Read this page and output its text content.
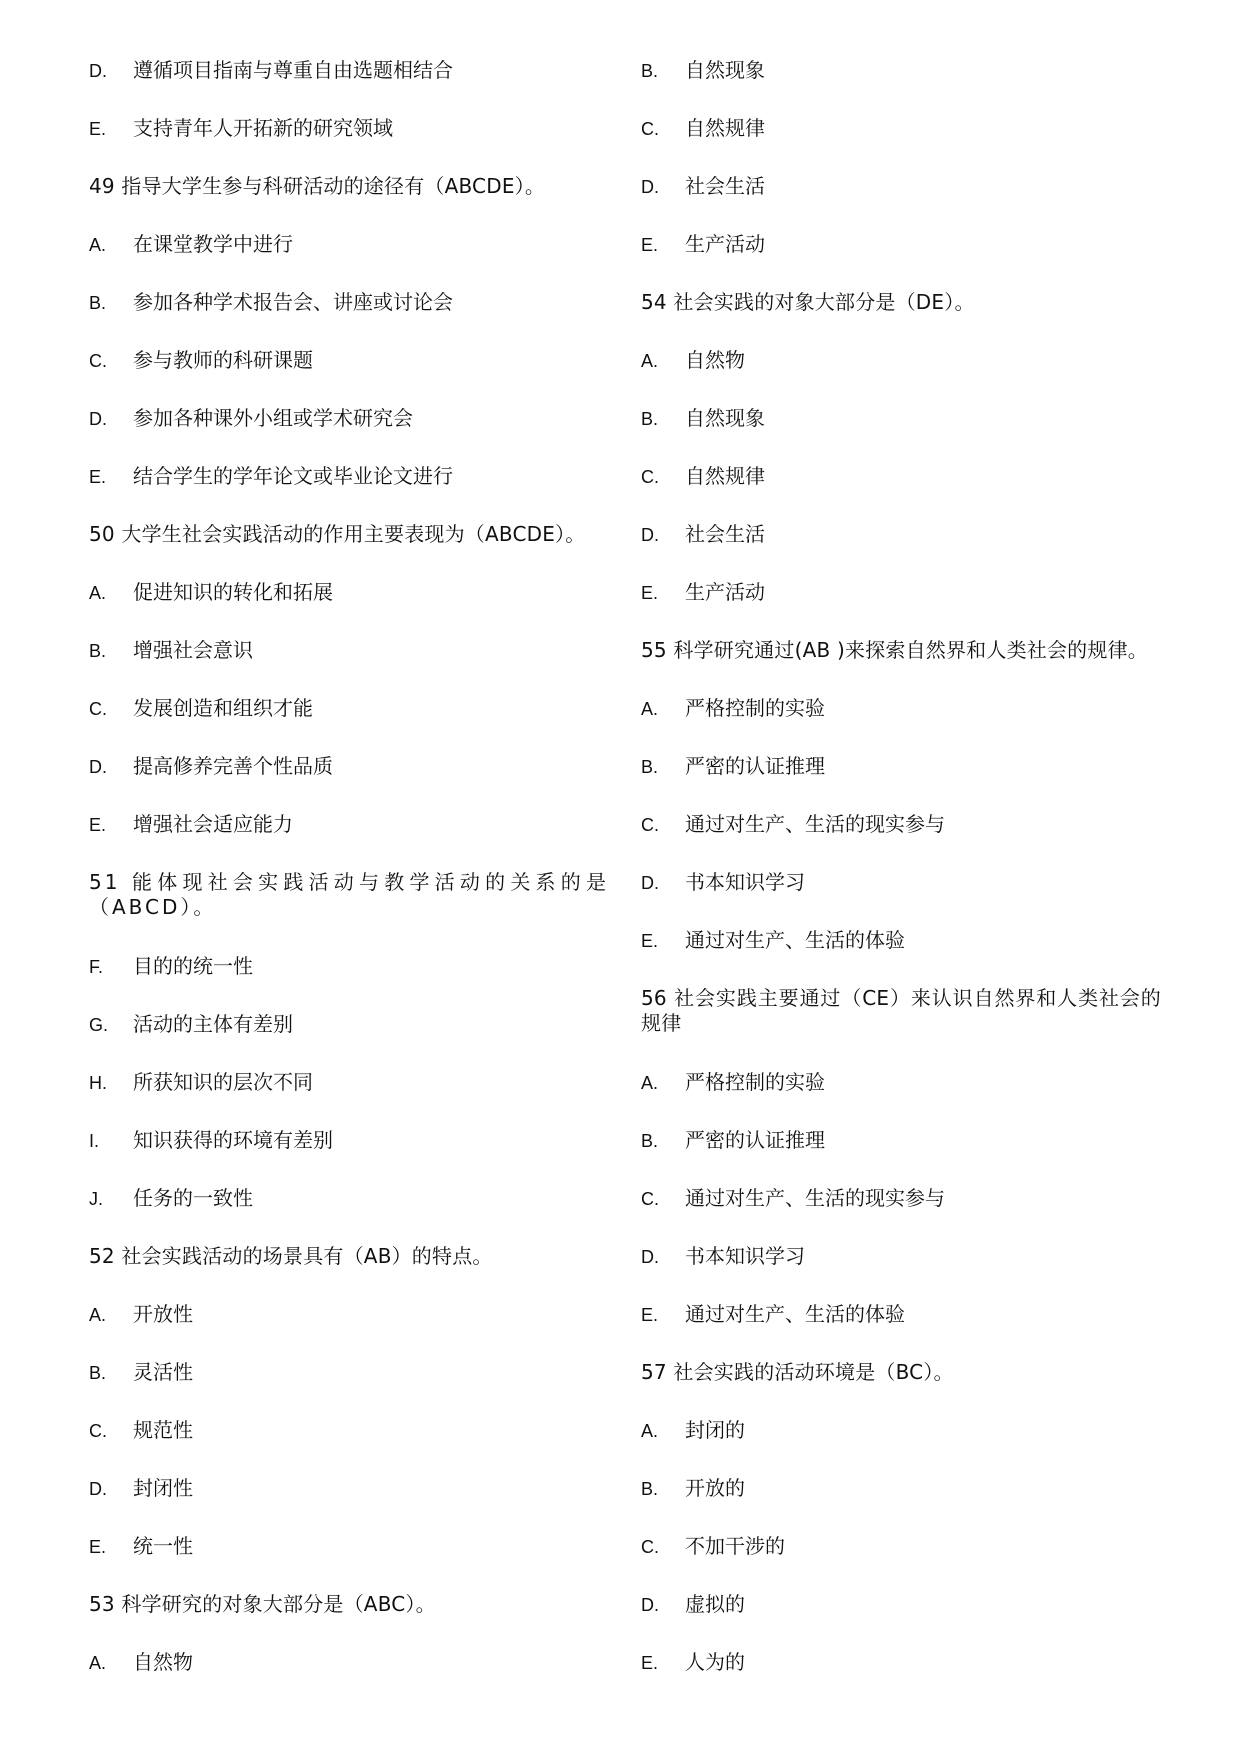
D.	遵循项目指南与尊重自由选题相结合
E.	支持青年人开拓新的研究领域
49 指导大学生参与科研活动的途径有（ABCDE）。
A.	在课堂教学中进行
B.	参加各种学术报告会、讲座或讨论会
C.	参与教师的科研课题
D.	参加各种课外小组或学术研究会
E.	结合学生的学年论文或毕业论文进行
50 大学生社会实践活动的作用主要表现为（ABCDE）。
A.	促进知识的转化和拓展
B.	增强社会意识
C.	发展创造和组织才能
D.	提高修养完善个性品质
E.	增强社会适应能力
51 能体现社会实践活动与教学活动的关系的是（ABCD）。
F.	目的的统一性
G.	活动的主体有差别
H.	所获知识的层次不同
I.	知识获得的环境有差别
J.	任务的一致性
52 社会实践活动的场景具有（AB）的特点。
A.	开放性
B.	灵活性
C.	规范性
D.	封闭性
E.	统一性
53 科学研究的对象大部分是（ABC）。
A.	自然物
B.	自然现象
C.	自然规律
D.	社会生活
E.	生产活动
54 社会实践的对象大部分是（DE）。
A.	自然物
B.	自然现象
C.	自然规律
D.	社会生活
E.	生产活动
55 科学研究通过(AB )来探索自然界和人类社会的规律。
A.	严格控制的实验
B.	严密的认证推理
C.	通过对生产、生活的现实参与
D.	书本知识学习
E.	通过对生产、生活的体验
56 社会实践主要通过（CE）来认识自然界和人类社会的规律
A.	严格控制的实验
B.	严密的认证推理
C.	通过对生产、生活的现实参与
D.	书本知识学习
E.	通过对生产、生活的体验
57 社会实践的活动环境是（BC）。
A.	封闭的
B.	开放的
C.	不加干涉的
D.	虚拟的
E.	人为的
